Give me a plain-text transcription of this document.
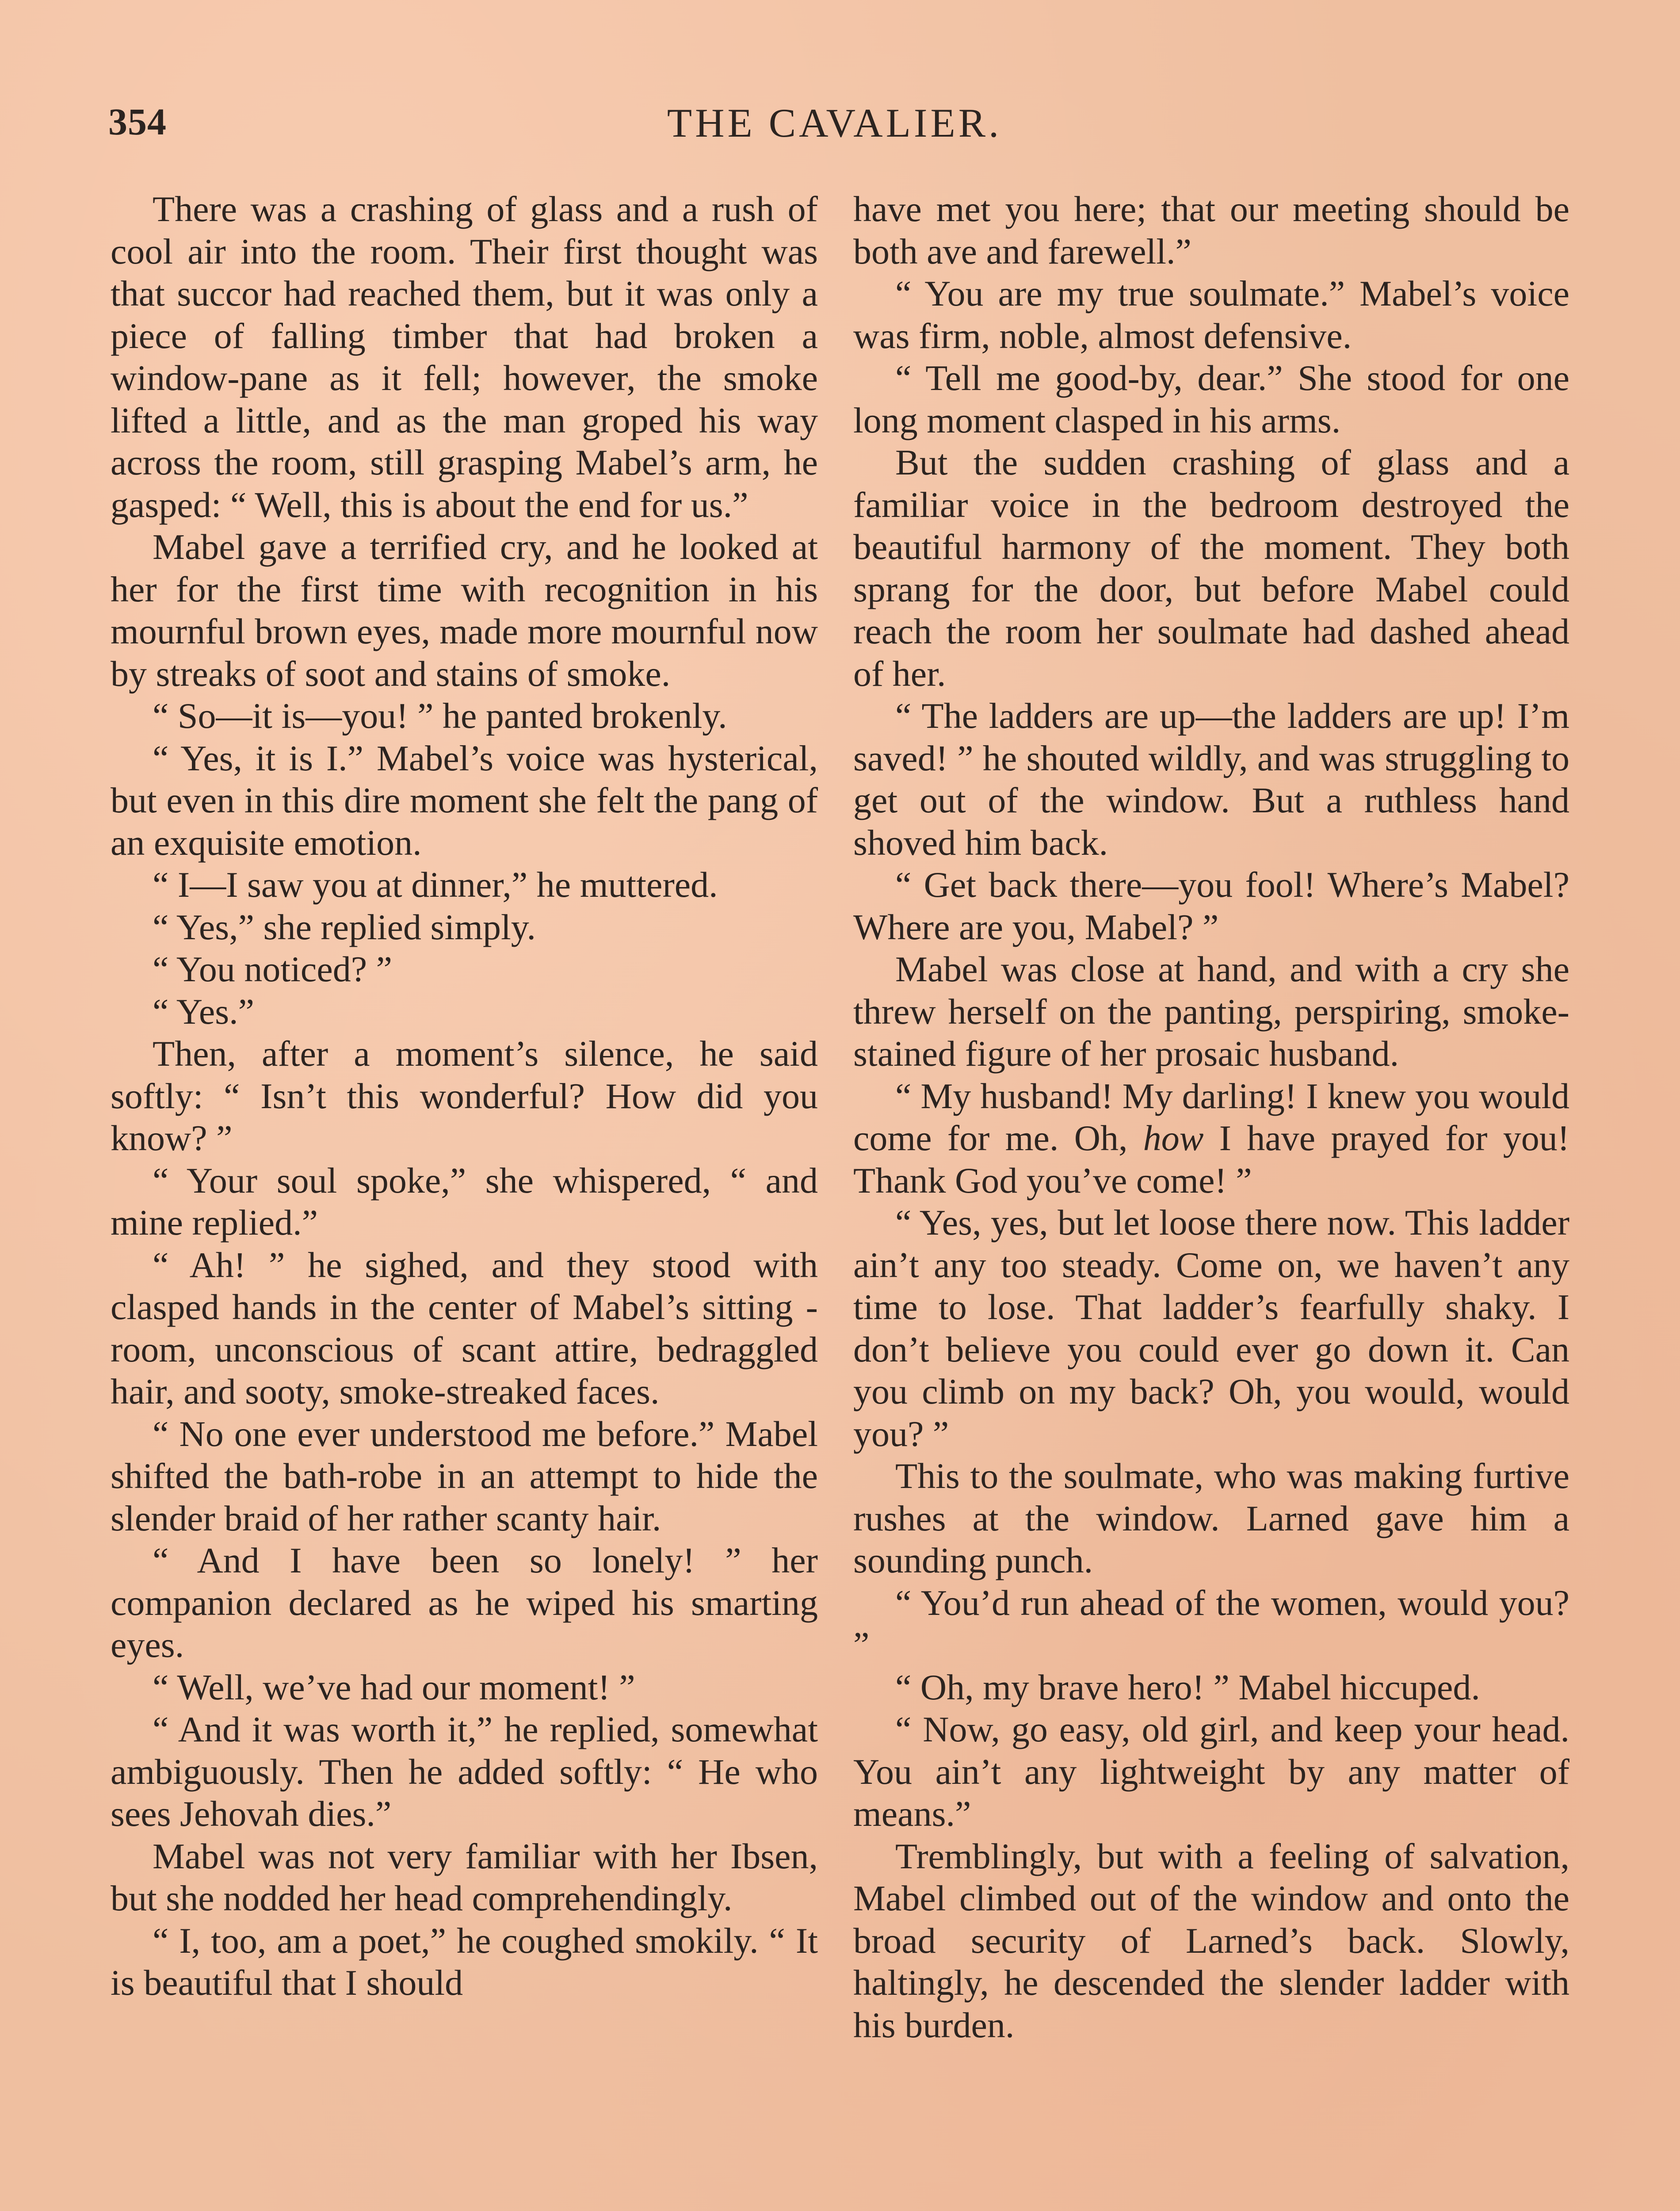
354	THE CAVALIER.

There was a crashing of glass and a rush of cool air into the room. Their first thought was that succor had reached them, but it was only a piece of falling timber that had broken a window-pane as it fell; however, the smoke lifted a little, and as the man groped his way across the room, still grasping Mabel’s arm, he gasped: “ Well, this is about the end for us.”

Mabel gave a terrified cry, and he looked at her for the first time with recognition in his mournful brown eyes, made more mournful now by streaks of soot and stains of smoke.

“ So—it is—you! ” he panted brokenly.

“ Yes, it is I.” Mabel’s voice was hysterical, but even in this dire moment she felt the pang of an exquisite emotion.

“ I—I saw you at dinner,” he muttered.

“ Yes,” she replied simply.

“ You noticed? ”

“ Yes.”

Then, after a moment’s silence, he said softly: “ Isn’t this wonderful? How did you know? ”

“ Your soul spoke,” she whispered, “ and mine replied.”

“ Ah! ” he sighed, and they stood with clasped hands in the center of Mabel’s sitting - room, unconscious of scant attire, bedraggled hair, and sooty, smoke-streaked faces.

“ No one ever understood me before.” Mabel shifted the bath-robe in an attempt to hide the slender braid of her rather scanty hair.

“ And I have been so lonely! ” her companion declared as he wiped his smarting eyes.

“ Well, we’ve had our moment! ”

“ And it was worth it,” he replied, somewhat ambiguously. Then he added softly: “ He who sees Jehovah dies.”

Mabel was not very familiar with her Ibsen, but she nodded her head comprehendingly.

“ I, too, am a poet,” he coughed smokily. “ It is beautiful that I should

have met you here; that our meeting should be both ave and farewell.”

“ You are my true soulmate.” Mabel’s voice was firm, noble, almost defensive.

“ Tell me good-by, dear.” She stood for one long moment clasped in his arms.

But the sudden crashing of glass and a familiar voice in the bedroom destroyed the beautiful harmony of the moment. They both sprang for the door, but before Mabel could reach the room her soulmate had dashed ahead of her.

“ The ladders are up—the ladders are up! I’m saved! ” he shouted wildly, and was struggling to get out of the window. But a ruthless hand shoved him back.

“ Get back there—you fool! Where’s Mabel? Where are you, Mabel? ”

Mabel was close at hand, and with a cry she threw herself on the panting, perspiring, smoke-stained figure of her prosaic husband.

“ My husband! My darling! I knew you would come for me. Oh, how I have prayed for you! Thank God you’ve come! ”

“ Yes, yes, but let loose there now. This ladder ain’t any too steady. Come on, we haven’t any time to lose. That ladder’s fearfully shaky. I don’t believe you could ever go down it. Can you climb on my back? Oh, you would, would you? ”

This to the soulmate, who was making furtive rushes at the window. Larned gave him a sounding punch.

“ You’d run ahead of the women, would you? ”

“ Oh, my brave hero! ” Mabel hiccuped.

“ Now, go easy, old girl, and keep your head. You ain’t any lightweight by any matter of means.”

Tremblingly, but with a feeling of salvation, Mabel climbed out of the window and onto the broad security of Larned’s back. Slowly, haltingly, he descended the slender ladder with his burden.
